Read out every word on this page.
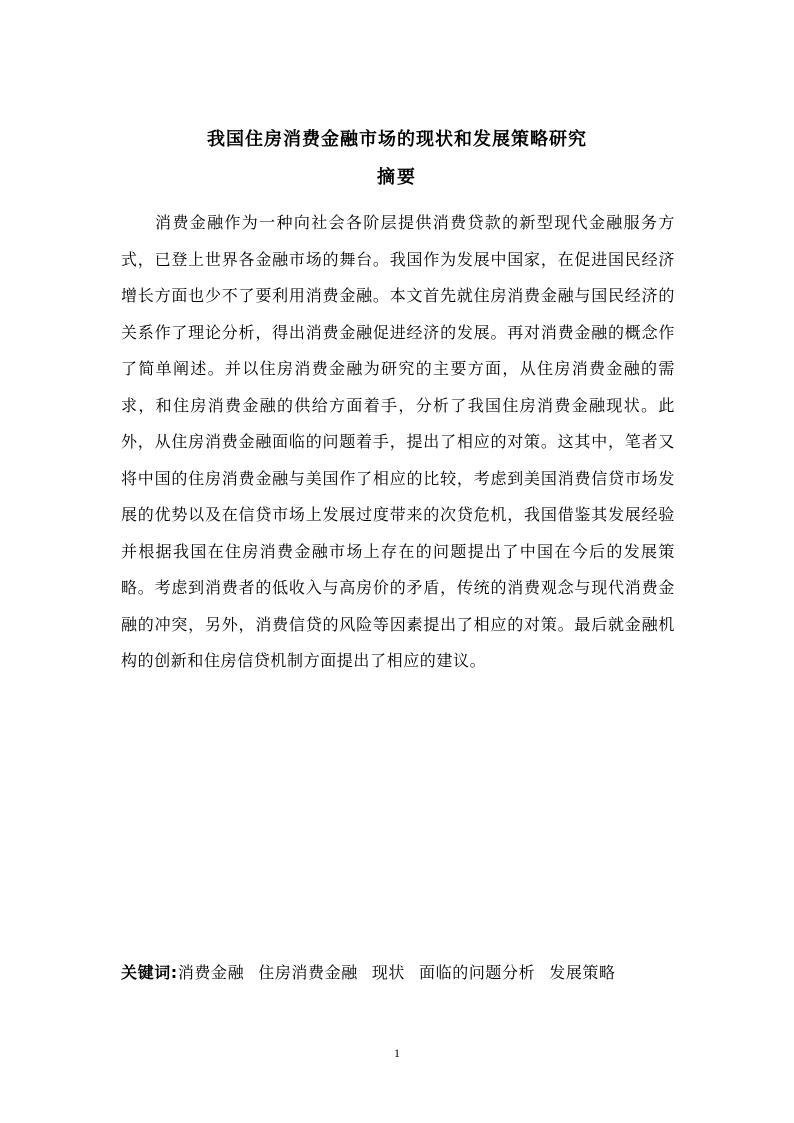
我国住房消费金融市场的现状和发展策略研究
摘要

消费金融作为一种向社会各阶层提供消费贷款的新型现代金融服务方式，已登上世界各金融市场的舞台。我国作为发展中国家，在促进国民经济增长方面也少不了要利用消费金融。本文首先就住房消费金融与国民经济的关系作了理论分析，得出消费金融促进经济的发展。再对消费金融的概念作了简单阐述。并以住房消费金融为研究的主要方面，从住房消费金融的需求，和住房消费金融的供给方面着手，分析了我国住房消费金融现状。此外，从住房消费金融面临的问题着手，提出了相应的对策。这其中，笔者又将中国的住房消费金融与美国作了相应的比较，考虑到美国消费信贷市场发展的优势以及在信贷市场上发展过度带来的次贷危机，我国借鉴其发展经验并根据我国在住房消费金融市场上存在的问题提出了中国在今后的发展策略。考虑到消费者的低收入与高房价的矛盾，传统的消费观念与现代消费金融的冲突，另外，消费信贷的风险等因素提出了相应的对策。最后就金融机构的创新和住房信贷机制方面提出了相应的建议。

关键词:消费金融 住房消费金融 现状 面临的问题分析 发展策略

1
